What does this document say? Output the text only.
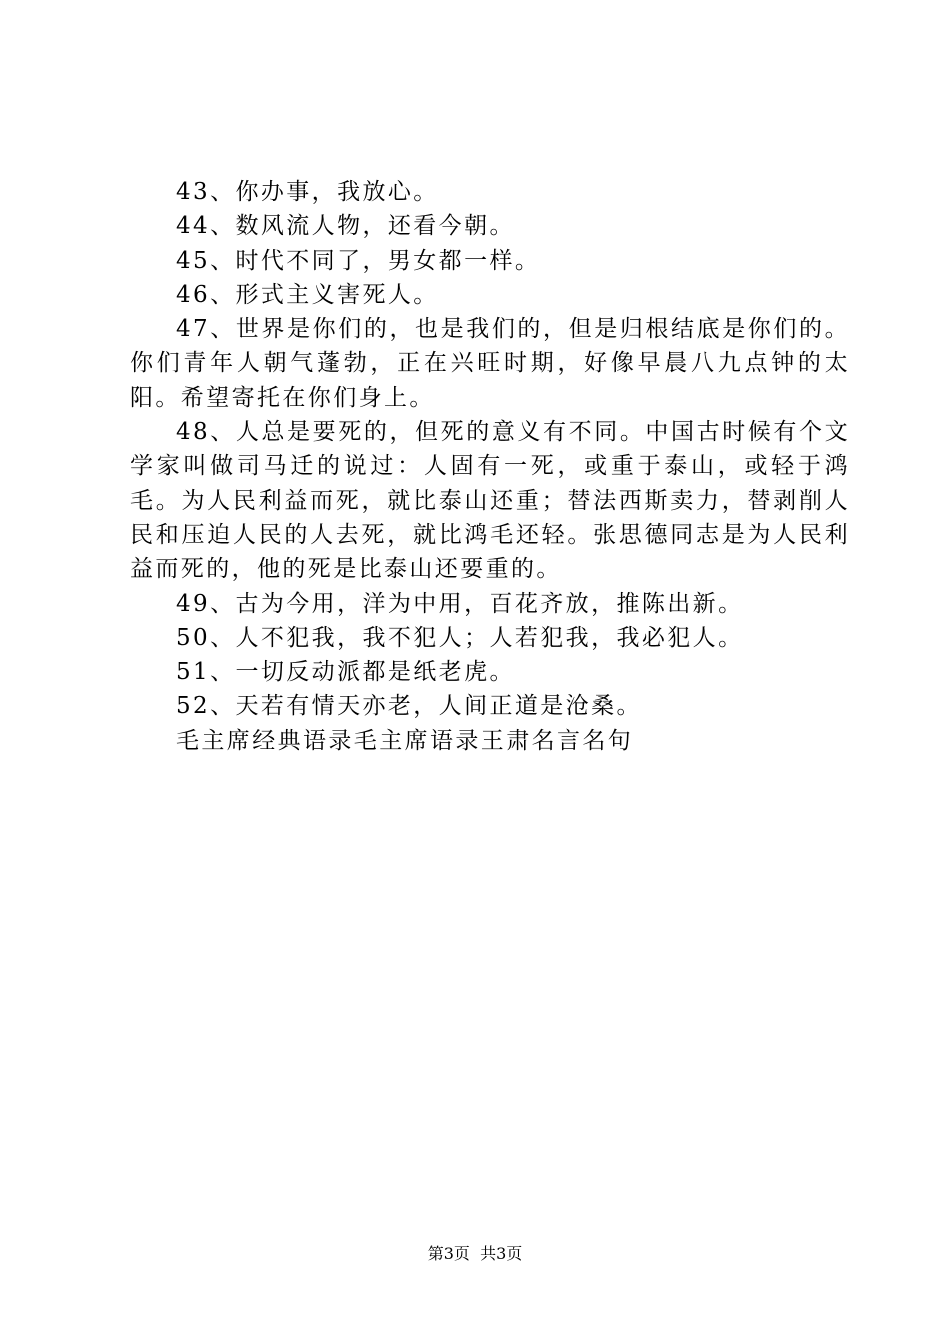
43、你办事，我放心。

44、数风流人物，还看今朝。

45、时代不同了，男女都一样。

46、形式主义害死人。

47、世界是你们的，也是我们的，但是归根结底是你们的。你们青年人朝气蓬勃，正在兴旺时期，好像早晨八九点钟的太阳。希望寄托在你们身上。

48、人总是要死的，但死的意义有不同。中国古时候有个文学家叫做司马迁的说过：人固有一死，或重于泰山，或轻于鸿毛。为人民利益而死，就比泰山还重；替法西斯卖力，替剥削人民和压迫人民的人去死，就比鸿毛还轻。张思德同志是为人民利益而死的，他的死是比泰山还要重的。

49、古为今用，洋为中用，百花齐放，推陈出新。

50、人不犯我，我不犯人；人若犯我，我必犯人。

51、一切反动派都是纸老虎。

52、天若有情天亦老，人间正道是沧桑。

毛主席经典语录毛主席语录王肃名言名句

第3页 共3页
